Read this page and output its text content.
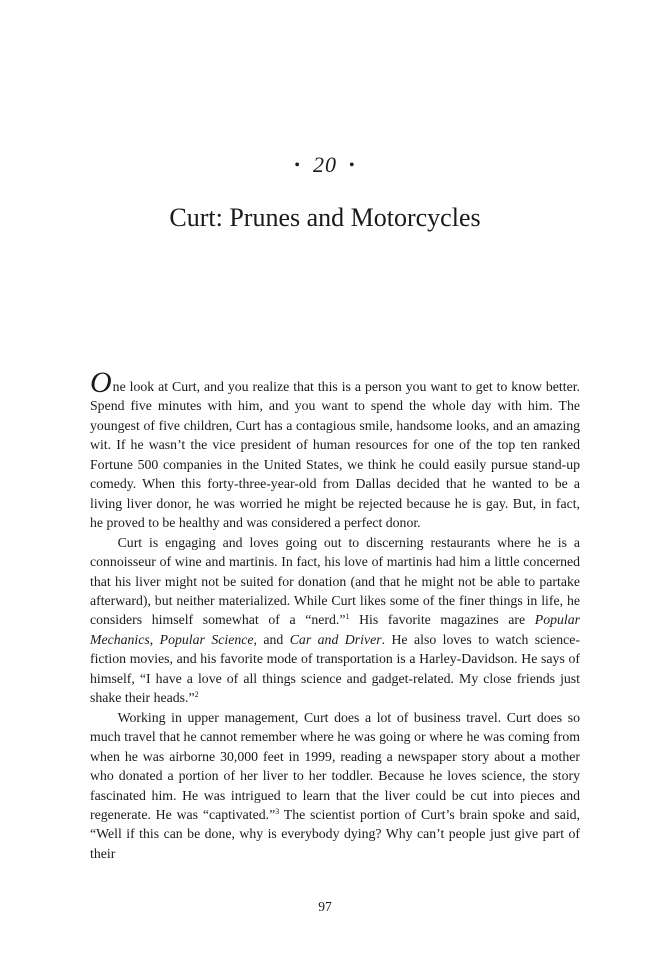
• 20 •
Curt: Prunes and Motorcycles

One look at Curt, and you realize that this is a person you want to get to know better. Spend five minutes with him, and you want to spend the whole day with him. The youngest of five children, Curt has a contagious smile, handsome looks, and an amazing wit. If he wasn’t the vice president of human resources for one of the top ten ranked Fortune 500 companies in the United States, we think he could easily pursue stand-up comedy. When this forty-three-year-old from Dallas decided that he wanted to be a living liver donor, he was worried he might be rejected because he is gay. But, in fact, he proved to be healthy and was considered a perfect donor.

Curt is engaging and loves going out to discerning restaurants where he is a connoisseur of wine and martinis. In fact, his love of martinis had him a little concerned that his liver might not be suited for donation (and that he might not be able to partake afterward), but neither materialized. While Curt likes some of the finer things in life, he considers himself somewhat of a “nerd.”$^1$ His favorite magazines are Popular Mechanics, Popular Science, and Car and Driver. He also loves to watch science-fiction movies, and his favorite mode of transportation is a Harley-Davidson. He says of himself, “I have a love of all things science and gadget-related. My close friends just shake their heads.”$^2$

Working in upper management, Curt does a lot of business travel. Curt does so much travel that he cannot remember where he was going or where he was coming from when he was airborne 30,000 feet in 1999, reading a newspaper story about a mother who donated a portion of her liver to her toddler. Because he loves science, the story fascinated him. He was intrigued to learn that the liver could be cut into pieces and regenerate. He was “captivated.”$^3$ The scientist portion of Curt’s brain spoke and said, “Well if this can be done, why is everybody dying? Why can’t people just give part of their

97
